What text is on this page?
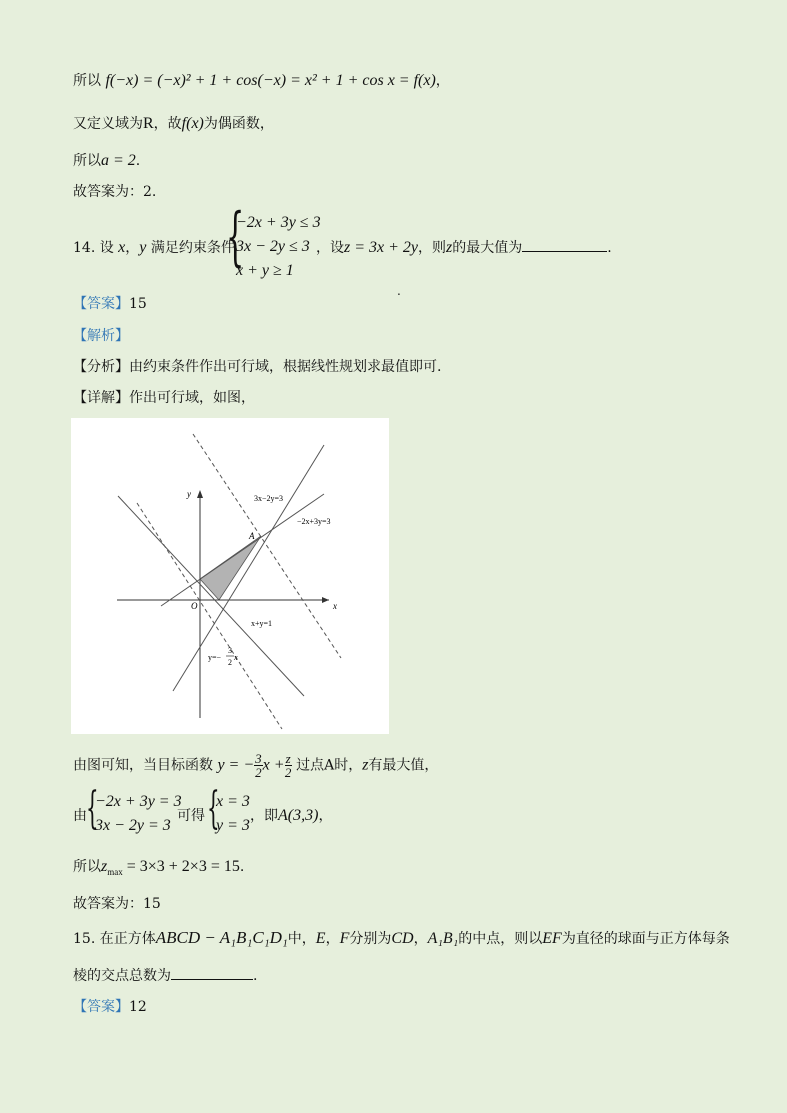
所以 f(−x) = (−x)² + 1 + cos(−x) = x² + 1 + cos x = f(x)，
又定义域为R，故f(x)为偶函数，
所以a = 2.
故答案为：2.
14. 设 x，y 满足约束条件
{
−2x + 3y ≤ 3
3x − 2y ≤ 3
x + y ≥ 1
，设z = 3x + 2y，则z的最大值为	.
.
【答案】15
【解析】
【分析】由约束条件作出可行域，根据线性规划求最值即可.
【详解】作出可行域，如图，
x
y
O
A
3x−2y=3
−2x+3y=3
x+y=1
y=−
3
2
x
由图可知，当目标函数 y = − $\frac{3}{2}$ $x + \frac{z}{2}$ 过点A时，z有最大值，
由 {
−2x + 3y = 3
3x − 2y = 3
可得 {
x = 3
y = 3
，即A(3,3)，
所以$z_{max} = 3\times 3 + 2\times 3 = 15$.
故答案为：15
15. 在正方体ABCD − A₁B₁C₁D₁中，E，F分别为CD，A₁B₁的中点，则以EF为直径的球面与正方体每条
棱的交点总数为	.
【答案】12
